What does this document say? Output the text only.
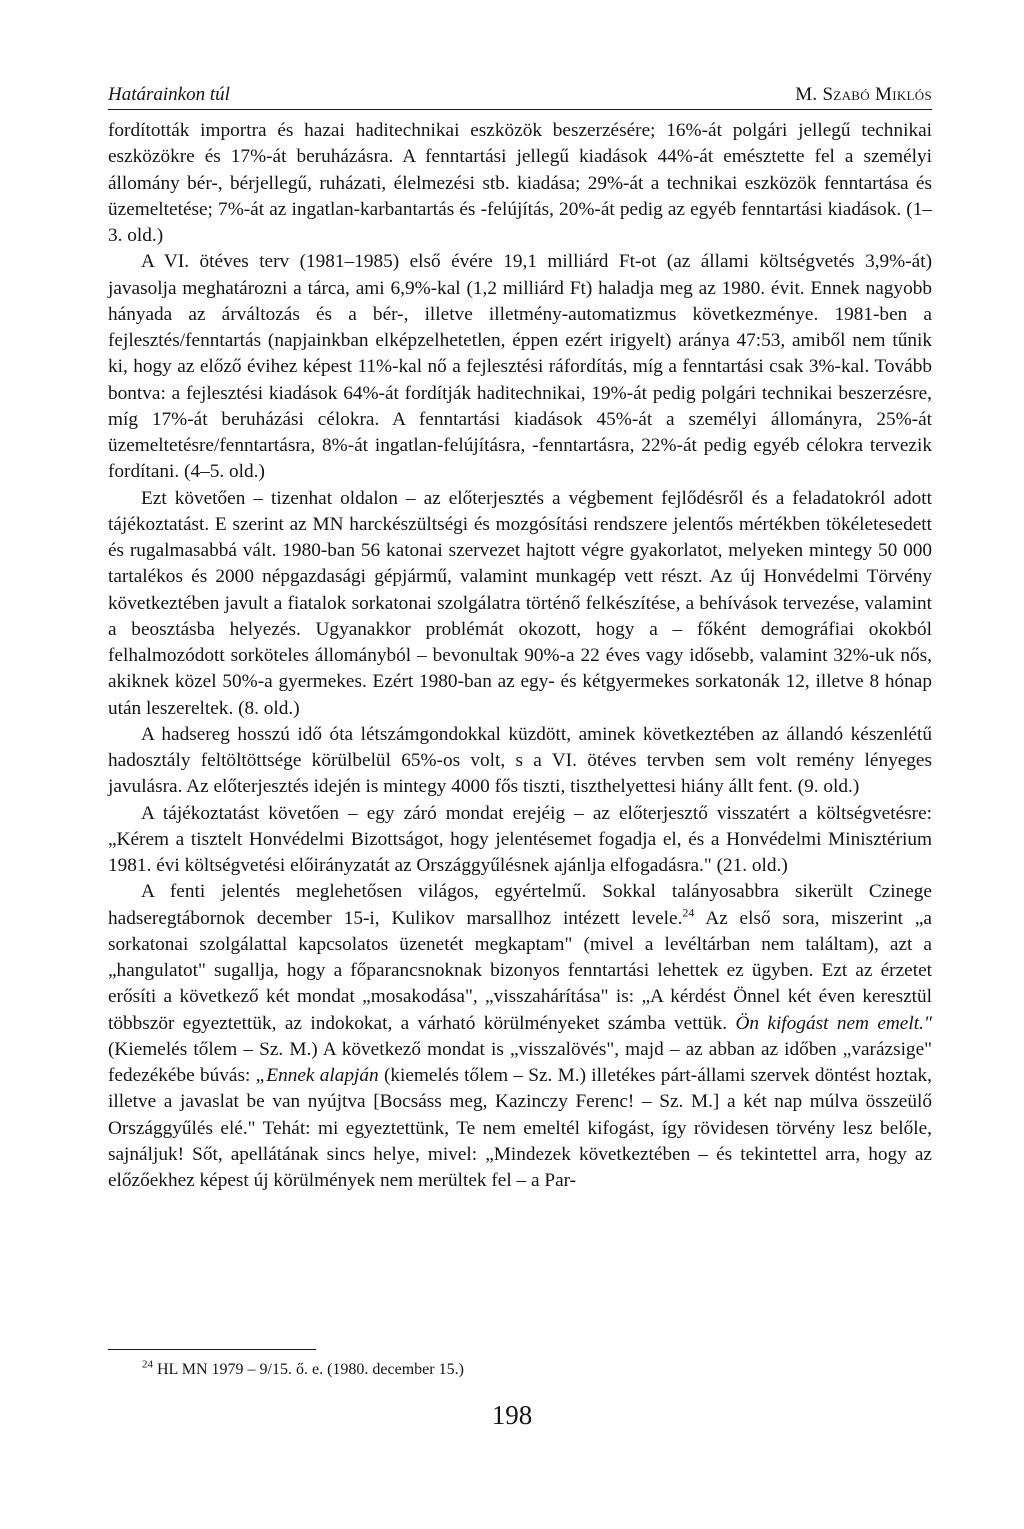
Határainkon túl	M. Szabó Miklós

fordították importra és hazai haditechnikai eszközök beszerzésére; 16%-át polgári jellegű technikai eszközökre és 17%-át beruházásra. A fenntartási jellegű kiadások 44%-át emésztette fel a személyi állomány bér-, bérjellegű, ruházati, élelmezési stb. kiadása; 29%-át a technikai eszközök fenntartása és üzemeltetése; 7%-át az ingatlan-karbantartás és -felújítás, 20%-át pedig az egyéb fenntartási kiadások. (1–3. old.)

A VI. ötéves terv (1981–1985) első évére 19,1 milliárd Ft-ot (az állami költségvetés 3,9%-át) javasolja meghatározni a tárca, ami 6,9%-kal (1,2 milliárd Ft) haladja meg az 1980. évit. Ennek nagyobb hányada az árváltozás és a bér-, illetve illetmény-automatizmus következménye. 1981-ben a fejlesztés/fenntartás (napjainkban elképzelhetetlen, éppen ezért irigyelt) aránya 47:53, amiből nem tűnik ki, hogy az előző évihez képest 11%-kal nő a fejlesztési ráfordítás, míg a fenntartási csak 3%-kal. Tovább bontva: a fejlesztési kiadások 64%-át fordítják haditechnikai, 19%-át pedig polgári technikai beszerzésre, míg 17%-át beruházási célokra. A fenntartási kiadások 45%-át a személyi állományra, 25%-át üzemeltetésre/fenntartásra, 8%-át ingatlan-felújításra, -fenntartásra, 22%-át pedig egyéb célokra tervezik fordítani. (4–5. old.)

Ezt követően – tizenhat oldalon – az előterjesztés a végbement fejlődésről és a feladatokról adott tájékoztatást. E szerint az MN harckészültségi és mozgósítási rendszere jelentős mértékben tökéletesedett és rugalmasabbá vált. 1980-ban 56 katonai szervezet hajtott végre gyakorlatot, melyeken mintegy 50 000 tartalékos és 2000 népgazdasági gépjármű, valamint munkagép vett részt. Az új Honvédelmi Törvény következtében javult a fiatalok sorkatonai szolgálatra történő felkészítése, a behívások tervezése, valamint a beosztásba helyezés. Ugyanakkor problémát okozott, hogy a – főként demográfiai okokból felhalmozódott sorköteles állományból – bevonultak 90%-a 22 éves vagy idősebb, valamint 32%-uk nős, akiknek közel 50%-a gyermekes. Ezért 1980-ban az egy- és kétgyermekes sorkatonák 12, illetve 8 hónap után leszereltek. (8. old.)

A hadsereg hosszú idő óta létszámgondokkal küzdött, aminek következtében az állandó készenlétű hadosztály feltöltöttsége körülbelül 65%-os volt, s a VI. ötéves tervben sem volt remény lényeges javulásra. Az előterjesztés idején is mintegy 4000 fős tiszti, tiszthelyettesi hiány állt fent. (9. old.)

A tájékoztatást követően – egy záró mondat erejéig – az előterjesztő visszatért a költségvetésre: „Kérem a tisztelt Honvédelmi Bizottságot, hogy jelentésemet fogadja el, és a Honvédelmi Minisztérium 1981. évi költségvetési előirányzatát az Országgyűlésnek ajánlja elfogadásra." (21. old.)

A fenti jelentés meglehetősen világos, egyértelmű. Sokkal talányosabbra sikerült Czinege hadseregtábornok december 15-i, Kulikov marsallhoz intézett levele.$^{24}$ Az első sora, miszerint „a sorkatonai szolgálattal kapcsolatos üzenetét megkaptam" (mivel a levéltárban nem találtam), azt a „hangulatot" sugallja, hogy a főparancsnoknak bizonyos fenntartási lehettek ez ügyben. Ezt az érzetet erősíti a következő két mondat „mosakodása", „visszahárítása" is: „A kérdést Önnel két éven keresztül többször egyeztettük, az indokokat, a várható körülményeket számba vettük. Ön kifogást nem emelt." (Kiemelés tőlem – Sz. M.) A következő mondat is „visszalövés", majd – az abban az időben „varázsige" fedezékébe búvás: „Ennek alapján (kiemelés tőlem – Sz. M.) illetékes párt-állami szervek döntést hoztak, illetve a javaslat be van nyújtva [Bocsáss meg, Kazinczy Ferenc! – Sz. M.] a két nap múlva összeülő Országgyűlés elé." Tehát: mi egyeztettünk, Te nem emeltél kifogást, így rövidesen törvény lesz belőle, sajnáljuk! Sőt, apellátának sincs helye, mivel: „Mindezek következtében – és tekintettel arra, hogy az előzőekhez képest új körülmények nem merültek fel – a Par-

$^{24}$ HL MN 1979 – 9/15. ő. e. (1980. december 15.)
198
